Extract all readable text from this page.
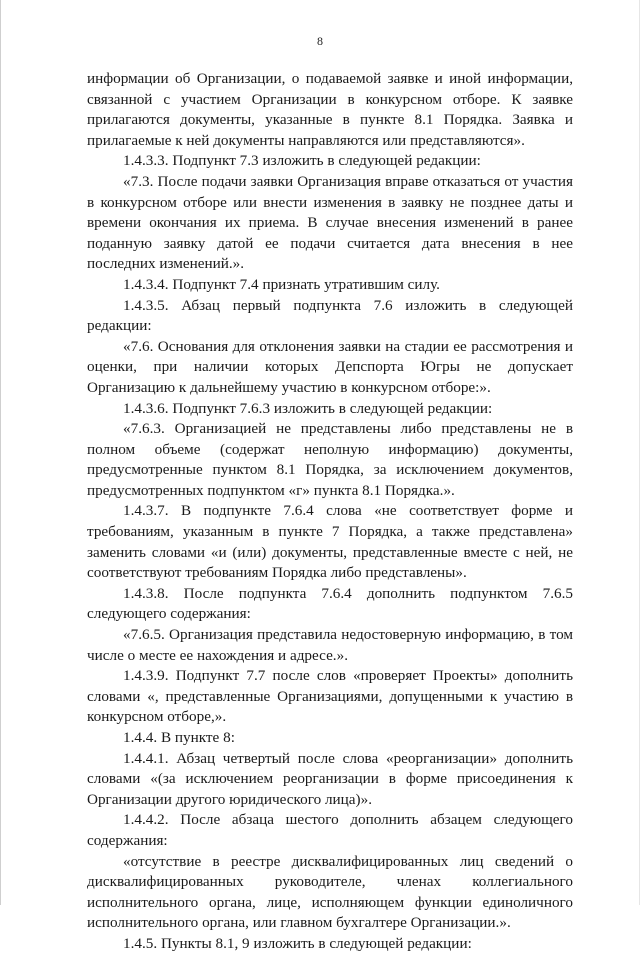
8

информации об Организации, о подаваемой заявке и иной информации, связанной с участием Организации в конкурсном отборе. К заявке прилагаются документы, указанные в пункте 8.1 Порядка. Заявка и прилагаемые к ней документы направляются или представляются».

1.4.3.3. Подпункт 7.3 изложить в следующей редакции:

«7.3. После подачи заявки Организация вправе отказаться от участия в конкурсном отборе или внести изменения в заявку не позднее даты и времени окончания их приема. В случае внесения изменений в ранее поданную заявку датой ее подачи считается дата внесения в нее последних изменений.».

1.4.3.4. Подпункт 7.4 признать утратившим силу.

1.4.3.5. Абзац первый подпункта 7.6 изложить в следующей редакции:

«7.6. Основания для отклонения заявки на стадии ее рассмотрения и оценки, при наличии которых Депспорта Югры не допускает Организацию к дальнейшему участию в конкурсном отборе:».

1.4.3.6. Подпункт 7.6.3 изложить в следующей редакции:

«7.6.3. Организацией не представлены либо представлены не в полном объеме (содержат неполную информацию) документы, предусмотренные пунктом 8.1 Порядка, за исключением документов, предусмотренных подпунктом «г» пункта 8.1 Порядка.».

1.4.3.7. В подпункте 7.6.4 слова «не соответствует форме и требованиям, указанным в пункте 7 Порядка, а также представлена» заменить словами «и (или) документы, представленные вместе с ней, не соответствуют требованиям Порядка либо представлены».

1.4.3.8. После подпункта 7.6.4 дополнить подпунктом 7.6.5 следующего содержания:

«7.6.5. Организация представила недостоверную информацию, в том числе о месте ее нахождения и адресе.».

1.4.3.9. Подпункт 7.7 после слов «проверяет Проекты» дополнить словами «, представленные Организациями, допущенными к участию в конкурсном отборе,».

1.4.4. В пункте 8:

1.4.4.1. Абзац четвертый после слова «реорганизации» дополнить словами «(за исключением реорганизации в форме присоединения к Организации другого юридического лица)».

1.4.4.2. После абзаца шестого дополнить абзацем следующего содержания:

«отсутствие в реестре дисквалифицированных лиц сведений о дисквалифицированных руководителе, членах коллегиального исполнительного органа, лице, исполняющем функции единоличного исполнительного органа, или главном бухгалтере Организации.».

1.4.5. Пункты 8.1, 9 изложить в следующей редакции:
